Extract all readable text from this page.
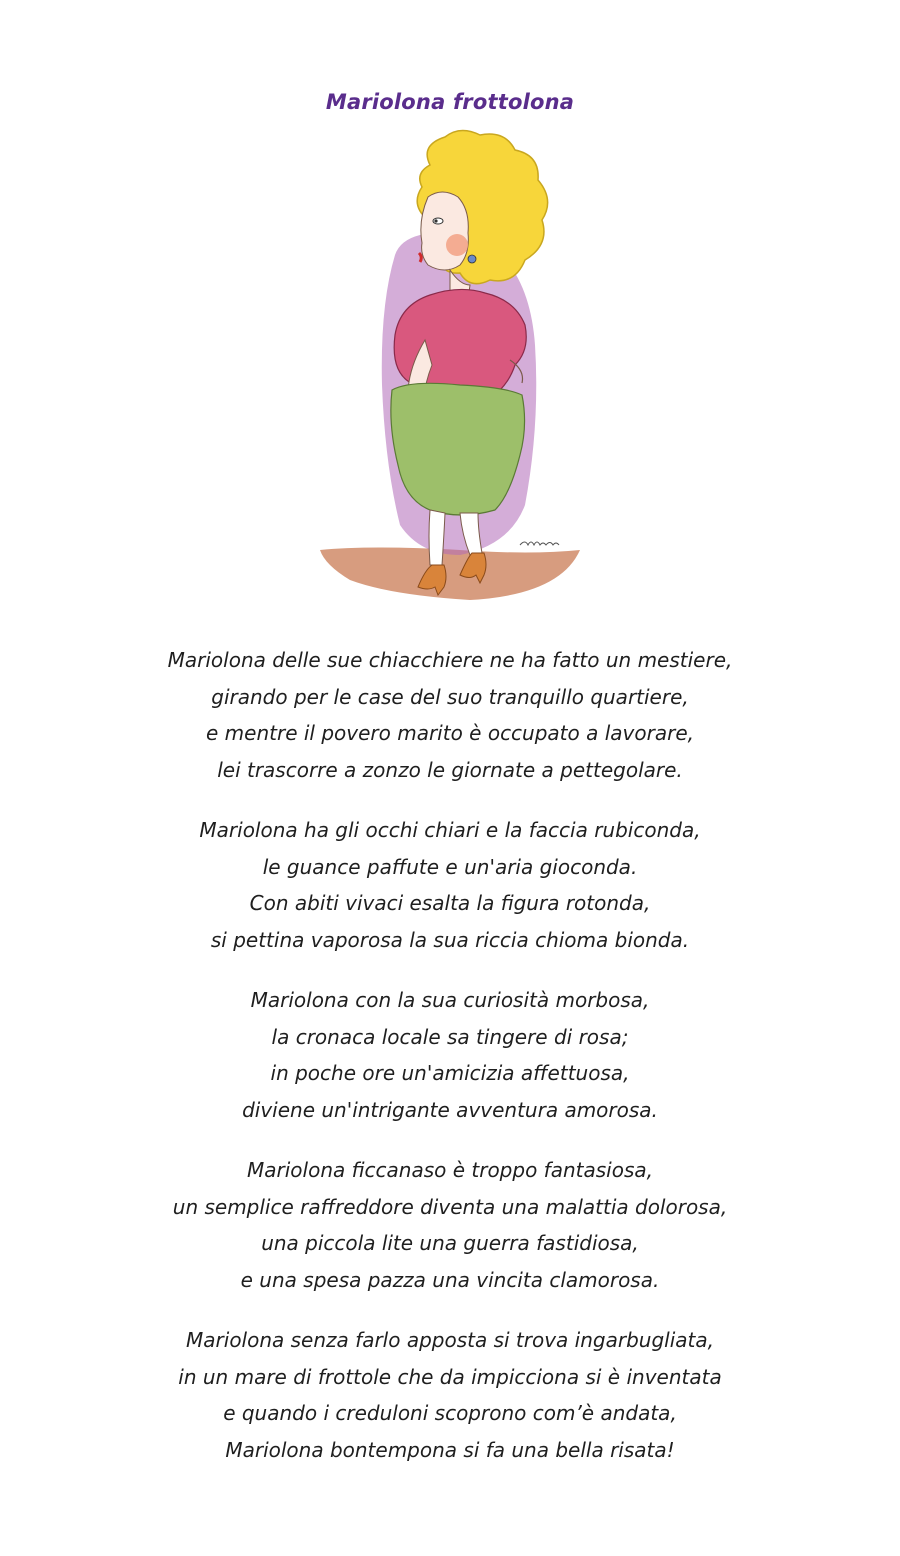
Mariolona frottolona
Mariolona delle sue chiacchiere ne ha fatto un mestiere,
girando per le case del suo tranquillo quartiere,
e mentre il povero marito è occupato a lavorare,
lei trascorre a zonzo le giornate a pettegolare.
Mariolona ha gli occhi chiari e la faccia rubiconda,
le guance paffute e un'aria gioconda.
Con abiti vivaci esalta la figura rotonda,
si pettina vaporosa la sua riccia chioma bionda.
Mariolona con la sua curiosità morbosa,
la cronaca locale sa tingere di rosa;
in poche ore un'amicizia affettuosa,
diviene un'intrigante avventura amorosa.
Mariolona ficcanaso è troppo fantasiosa,
un semplice raffreddore diventa una malattia dolorosa,
una piccola lite una guerra fastidiosa,
e una spesa pazza una vincita clamorosa.
Mariolona senza farlo apposta si trova ingarbugliata,
in un mare di frottole che da impicciona si è inventata
e quando i creduloni scoprono com’è andata,
Mariolona bontempona si fa una bella risata!
